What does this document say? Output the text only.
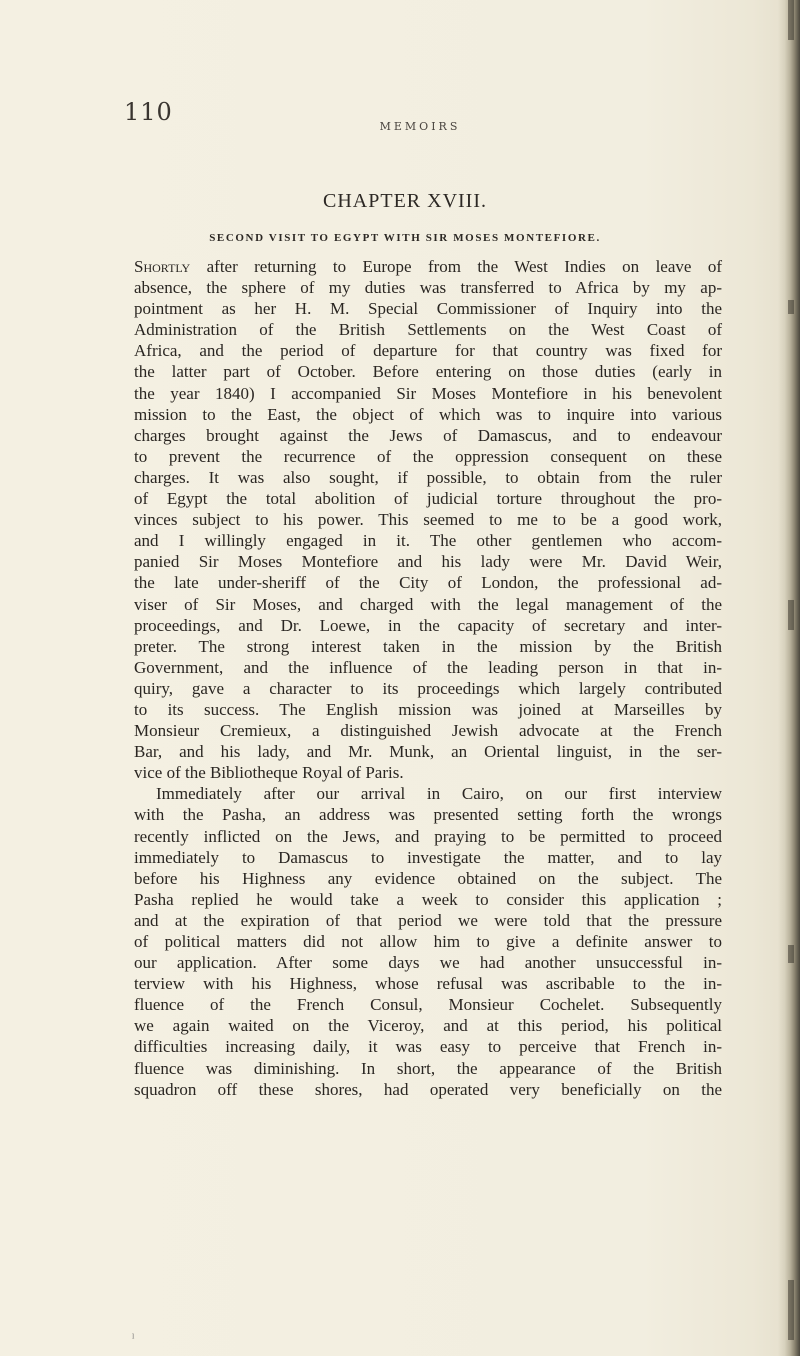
110
MEMOIRS
CHAPTER XVIII.
SECOND VISIT TO EGYPT WITH SIR MOSES MONTEFIORE.

Shortly after returning to Europe from the West Indies on leave of

absence, the sphere of my duties was transferred to Africa by my ap-

pointment as her H. M. Special Commissioner of Inquiry into the

Administration of the British Settlements on the West Coast of

Africa, and the period of departure for that country was fixed for

the latter part of October. Before entering on those duties (early in

the year 1840) I accompanied Sir Moses Montefiore in his benevolent

mission to the East, the object of which was to inquire into various

charges brought against the Jews of Damascus, and to endeavour

to prevent the recurrence of the oppression consequent on these

charges. It was also sought, if possible, to obtain from the ruler

of Egypt the total abolition of judicial torture throughout the pro-

vinces subject to his power. This seemed to me to be a good work,

and I willingly engaged in it. The other gentlemen who accom-

panied Sir Moses Montefiore and his lady were Mr. David Weir,

the late under-sheriff of the City of London, the professional ad-

viser of Sir Moses, and charged with the legal management of the

proceedings, and Dr. Loewe, in the capacity of secretary and inter-

preter. The strong interest taken in the mission by the British

Government, and the influence of the leading person in that in-

quiry, gave a character to its proceedings which largely contributed

to its success. The English mission was joined at Marseilles by

Monsieur Cremieux, a distinguished Jewish advocate at the French

Bar, and his lady, and Mr. Munk, an Oriental linguist, in the ser-

vice of the Bibliotheque Royal of Paris.

Immediately after our arrival in Cairo, on our first interview

with the Pasha, an address was presented setting forth the wrongs

recently inflicted on the Jews, and praying to be permitted to proceed

immediately to Damascus to investigate the matter, and to lay

before his Highness any evidence obtained on the subject. The

Pasha replied he would take a week to consider this application ;

and at the expiration of that period we were told that the pressure

of political matters did not allow him to give a definite answer to

our application. After some days we had another unsuccessful in-

terview with his Highness, whose refusal was ascribable to the in-

fluence of the French Consul, Monsieur Cochelet. Subsequently

we again waited on the Viceroy, and at this period, his political

difficulties increasing daily, it was easy to perceive that French in-

fluence was diminishing. In short, the appearance of the British

squadron off these shores, had operated very beneficially on the

ˡ
